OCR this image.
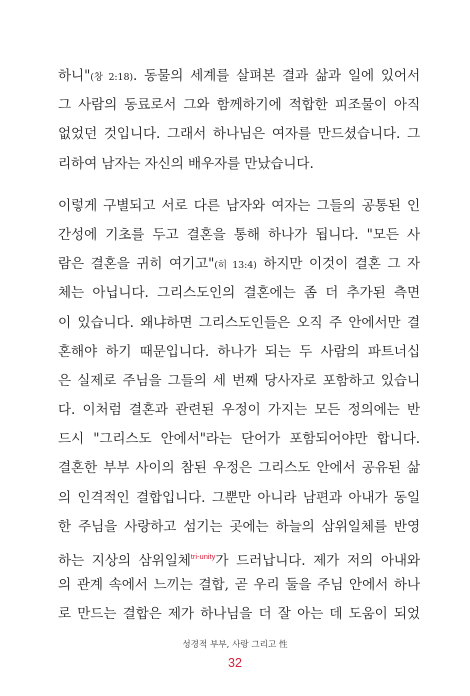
하니"(창 2:18). 동물의 세계를 살펴본 결과 삶과 일에 있어서
그 사람의 동료로서 그와 함께하기에 적합한 피조물이 아직
없었던 것입니다. 그래서 하나님은 여자를 만드셨습니다. 그
리하여 남자는 자신의 배우자를 만났습니다.
이렇게 구별되고 서로 다른 남자와 여자는 그들의 공통된 인
간성에 기초를 두고 결혼을 통해 하나가 됩니다. "모든 사
람은 결혼을 귀히 여기고"(히 13:4) 하지만 이것이 결혼 그 자
체는 아닙니다. 그리스도인의 결혼에는 좀 더 추가된 측면
이 있습니다. 왜냐하면 그리스도인들은 오직 주 안에서만 결
혼해야 하기 때문입니다. 하나가 되는 두 사람의 파트너십
은 실제로 주님을 그들의 세 번째 당사자로 포함하고 있습니
다. 이처럼 결혼과 관련된 우정이 가지는 모든 정의에는 반
드시 "그리스도 안에서"라는 단어가 포함되어야만 합니다.
결혼한 부부 사이의 참된 우정은 그리스도 안에서 공유된 삶
의 인격적인 결합입니다. 그뿐만 아니라 남편과 아내가 동일
한 주님을 사랑하고 섬기는 곳에는 하늘의 삼위일체를 반영
하는 지상의 삼위일체$^{tri-unity}$가 드러납니다. 제가 저의 아내와
의 관계 속에서 느끼는 결합, 곧 우리 둘을 주님 안에서 하나
로 만드는 결합은 제가 하나님을 더 잘 아는 데 도움이 되었
성경적 부부, 사랑 그리고 性
32
